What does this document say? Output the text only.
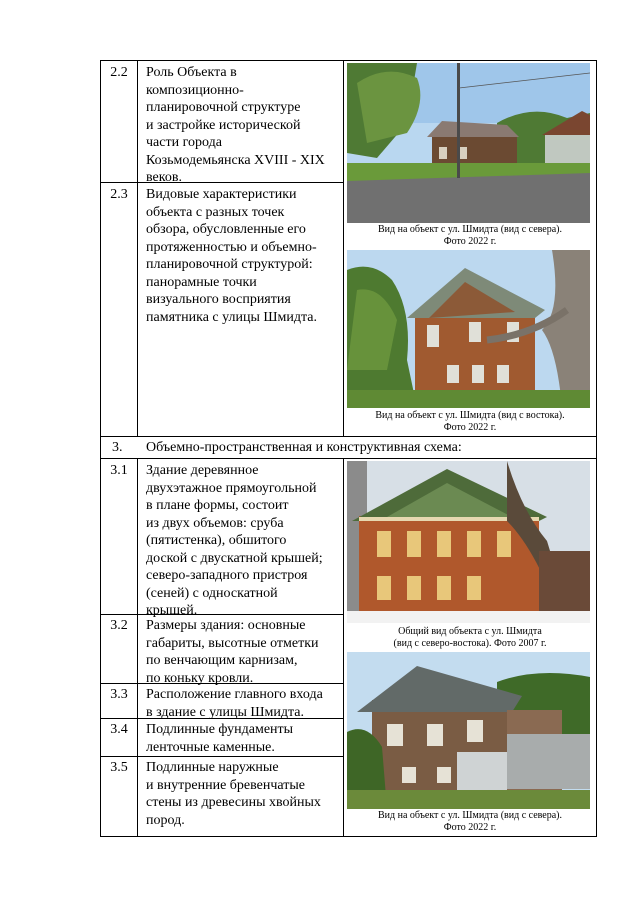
2.2	Роль Объекта в
композиционно-
планировочной структуре
и застройке исторической
части города
Козьмодемьянска XVIII - XIX
веков.
2.3	Видовые характеристики
объекта с разных точек
обзора, обусловленные его
протяженностью и объемно-
планировочной структурой:
панорамные точки
визуального восприятия
памятника с улицы Шмидта.
3. Объемно-пространственная и конструктивная схема:
3.1	Здание деревянное
двухэтажное прямоугольной
в плане формы, состоит
из двух объемов: сруба
(пятистенка), обшитого
доской с двускатной крышей;
северо-западного пристроя
(сеней) с односкатной
крышей.
3.2	Размеры здания: основные
габариты, высотные отметки
по венчающим карнизам,
по коньку кровли.
3.3	Расположение главного входа
в здание с улицы Шмидта.
3.4	Подлинные фундаменты
ленточные каменные.
3.5	Подлинные наружные
и внутренние бревенчатые
стены из древесины хвойных
пород.
Вид на объект с ул. Шмидта (вид с севера).
Фото 2022 г.
Вид на объект с ул. Шмидта (вид с востока).
Фото 2022 г.
Общий вид объекта с ул. Шмидта
(вид с северо-востока). Фото 2007 г.
Вид на объект с ул. Шмидта (вид с севера).
Фото 2022 г.
